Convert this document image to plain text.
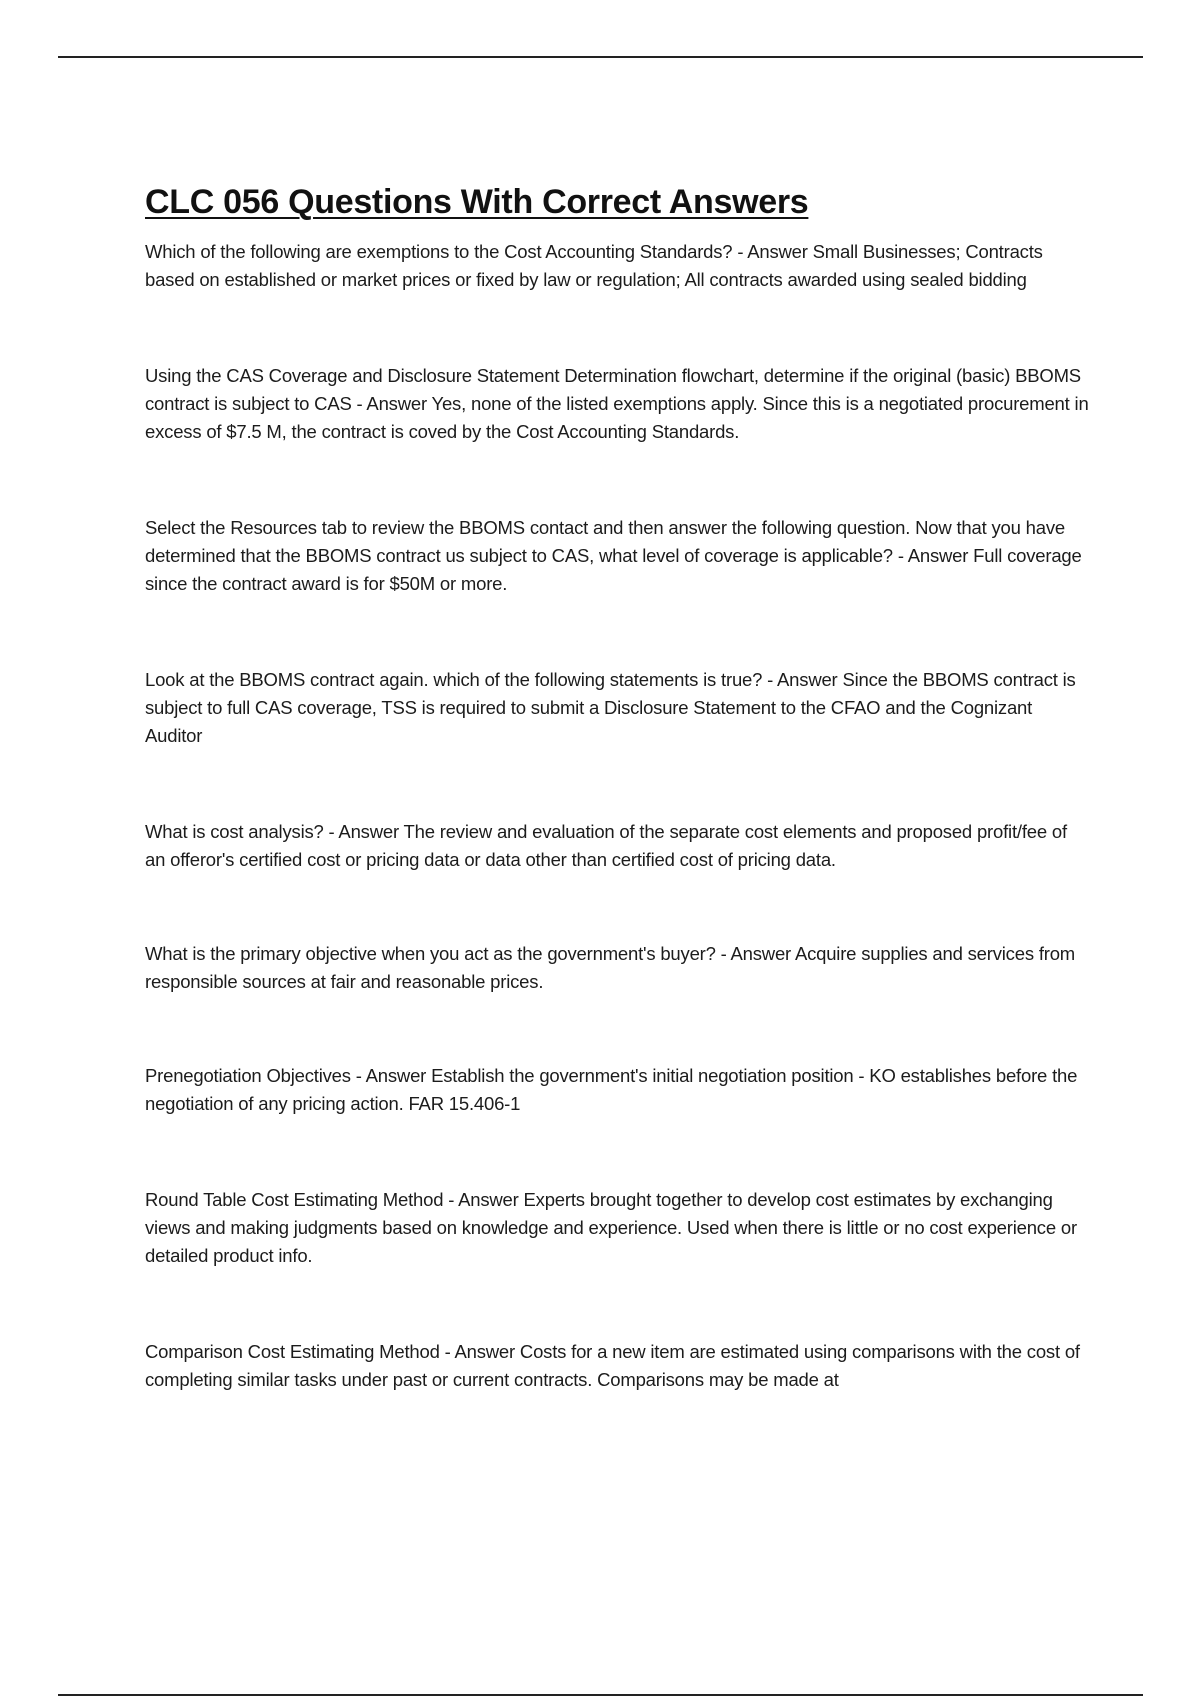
CLC 056 Questions With Correct Answers

Which of the following are exemptions to the Cost Accounting Standards? - Answer Small Businesses; Contracts based on established or market prices or fixed by law or regulation; All contracts awarded using sealed bidding

Using the CAS Coverage and Disclosure Statement Determination flowchart, determine if the original (basic) BBOMS contract is subject to CAS - Answer Yes, none of the listed exemptions apply. Since this is a negotiated procurement in excess of $7.5 M, the contract is coved by the Cost Accounting Standards.

Select the Resources tab to review the BBOMS contact and then answer the following question. Now that you have determined that the BBOMS contract us subject to CAS, what level of coverage is applicable? - Answer Full coverage since the contract award is for $50M or more.

Look at the BBOMS contract again. which of the following statements is true? - Answer Since the BBOMS contract is subject to full CAS coverage, TSS is required to submit a Disclosure Statement to the CFAO and the Cognizant Auditor

What is cost analysis? - Answer The review and evaluation of the separate cost elements and proposed profit/fee of an offeror's certified cost or pricing data or data other than certified cost of pricing data.

What is the primary objective when you act as the government's buyer? - Answer Acquire supplies and services from responsible sources at fair and reasonable prices.

Prenegotiation Objectives - Answer Establish the government's initial negotiation position - KO establishes before the negotiation of any pricing action. FAR 15.406-1

Round Table Cost Estimating Method - Answer Experts brought together to develop cost estimates by exchanging views and making judgments based on knowledge and experience. Used when there is little or no cost experience or detailed product info.

Comparison Cost Estimating Method - Answer Costs for a new item are estimated using comparisons with the cost of completing similar tasks under past or current contracts. Comparisons may be made at
